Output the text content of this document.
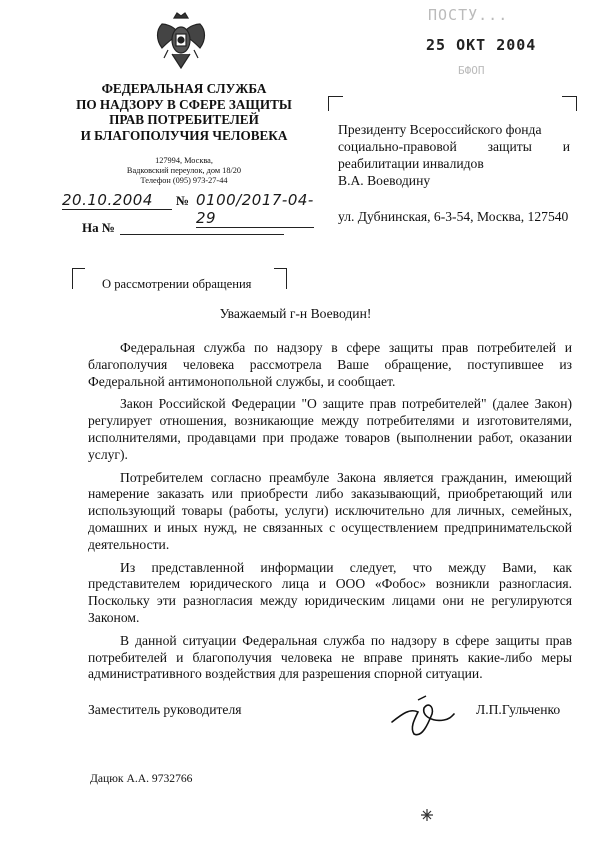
ПОСТУ...
25 ОКТ 2004
БФОП
ФЕДЕРАЛЬНАЯ СЛУЖБА
ПО НАДЗОРУ В СФЕРЕ ЗАЩИТЫ
ПРАВ ПОТРЕБИТЕЛЕЙ
И БЛАГОПОЛУЧИЯ ЧЕЛОВЕКА
127994, Москва,
Вадковский переулок, дом 18/20
Телефон (095) 973-27-44
20.10.2004	№ 0100/2017-04-29
На №
Президенту Всероссийского фонда
социально-правовой защиты и
реабилитации инвалидов
В.А. Воеводину
ул. Дубнинская, 6-3-54, Москва, 127540
О рассмотрении обращения
Уважаемый г-н Воеводин!

Федеральная служба по надзору в сфере защиты прав потребителей и благополучия человека рассмотрела Ваше обращение, поступившее из Федеральной антимонопольной службы, и сообщает.

Закон Российской Федерации "О защите прав потребителей" (далее Закон) регулирует отношения, возникающие между потребителями и изготовителями, исполнителями, продавцами при продаже товаров (выполнении работ, оказании услуг).

Потребителем согласно преамбуле Закона является гражданин, имеющий намерение заказать или приобрести либо заказывающий, приобретающий или использующий товары (работы, услуги) исключительно для личных, семейных, домашних и иных нужд, не связанных с осуществлением предпринимательской деятельности.

Из представленной информации следует, что между Вами, как представителем юридического лица и ООО «Фобос» возникли разногласия. Поскольку эти разногласия между юридическим лицами они не регулируются Законом.

В данной ситуации Федеральная служба по надзору в сфере защиты прав потребителей и благополучия человека не вправе принять какие-либо меры административного воздействия для разрешения спорной ситуации.

Заместитель руководителя	Л.П.Гульченко
Дацюк А.А. 9732766
